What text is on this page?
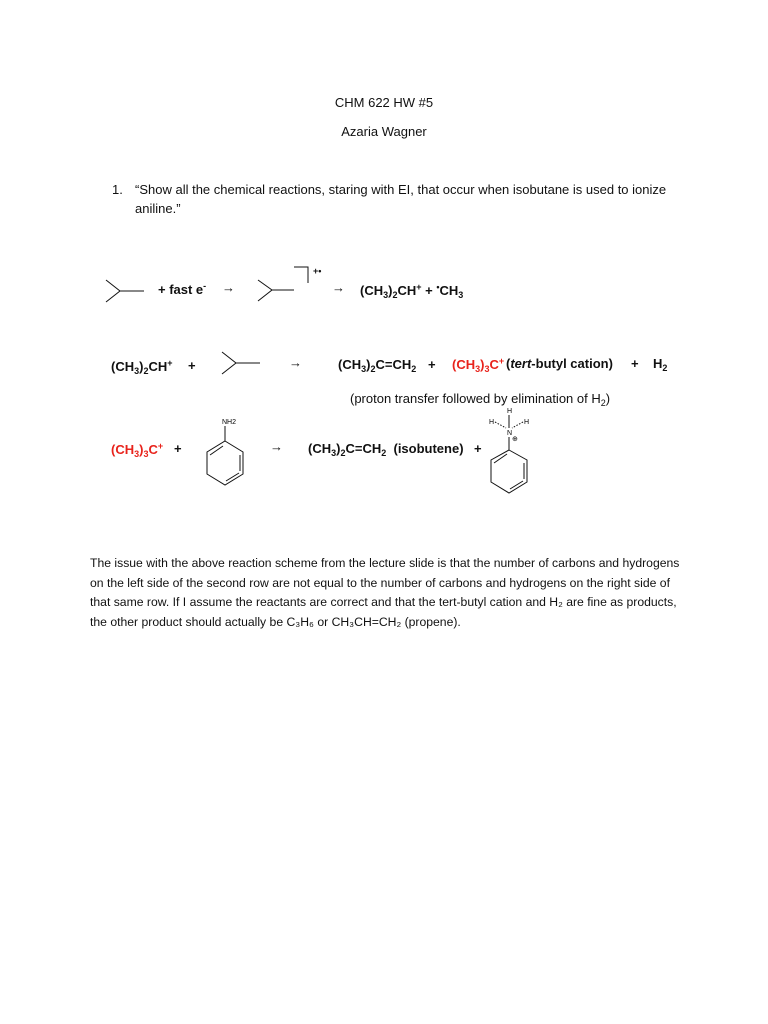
CHM 622 HW #5
Azaria Wagner
1. “Show all the chemical reactions, staring with EI, that occur when isobutane is used to ionize aniline.”
+ fast e- →
+•
→ $(CH_3)_2CH^+ + ^•CH_3$
$(CH_3)_2CH^+$ +	→	$(CH_3)_2C=CH_2 + (CH_3)_3C^+$ (tert-butyl cation) + $H_2$
(proton transfer followed by elimination of $H_2$)
$(CH_3)_3C^+$ +
NH2
→ $(CH_3)_2C=CH_2$  (isobutene) +
H
H	H
N
⊕
The issue with the above reaction scheme from the lecture slide is that the number of carbons and hydrogens on the left side of the second row are not equal to the number of carbons and hydrogens on the right side of that same row. If I assume the reactants are correct and that the tert-butyl cation and H₂ are fine as products, the other product should actually be C₃H₆ or CH₃CH=CH₂ (propene).
